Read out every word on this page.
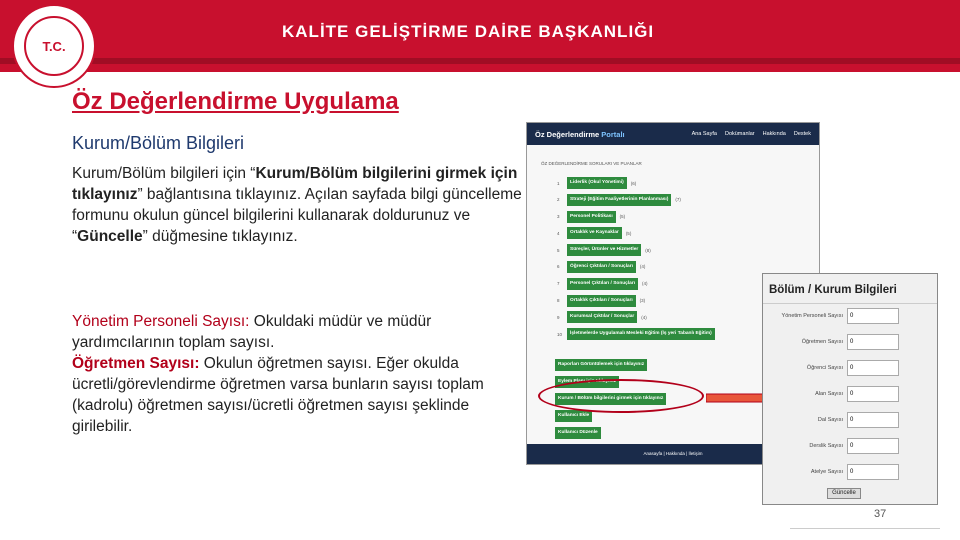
T.C.
KALİTE GELİŞTİRME DAİRE BAŞKANLIĞI
Öz Değerlendirme Uygulama
Kurum/Bölüm Bilgileri
Kurum/Bölüm bilgileri için “Kurum/Bölüm bilgilerini girmek için tıklayınız” bağlantısına tıklayınız. Açılan sayfada bilgi güncelleme formunu okulun güncel bilgilerini kullanarak doldurunuz ve “Güncelle” düğmesine tıklayınız.
Yönetim Personeli Sayısı: Okuldaki müdür ve müdür yardımcılarının toplam sayısı.
Öğretmen Sayısı: Okulun öğretmen sayısı. Eğer okulda ücretli/görevlendirme öğretmen varsa bunların sayısı toplam (kadrolu) öğretmen sayısı/ücretli öğretmen sayısı şeklinde girilebilir.
Öz Değerlendirme Portalı	Ana Sayfa Dokümanlar Hakkında Destek
ÖZ DEĞERLENDİRME SORULARI VE PUANLAR
1	Liderlik (Okul Yönetimi)	(6)
2	Strateji (Eğitim Faaliyetlerinin Planlanması)	(7)
3	Personel Politikası	(5)
4	Ortaklık ve Kaynaklar	(5)
5	Süreçler, Ürünler ve Hizmetler	(8)
6	Öğrenci Çıktıları / Sonuçları	(4)
7	Personel Çıktıları / Sonuçları	(4)
8	Ortaklık Çıktıları / Sonuçları	(3)
9	Kurumsal Çıktılar / Sonuçlar	(4)
10	İşletmelerde Uygulamalı Mesleki Eğitim (İş yeri Tabanlı Eğitim)
Raporları Görüntülemek için tıklayınız
Eylem Planı için tıklayınız
Kurum / Bölüm bilgilerini girmek için tıklayınız
Kullanıcı Ekle
Kullanıcı Düzenle
Anasayfa | Hakkında | İletişim
Bölüm / Kurum Bilgileri
Yönetim Personeli Sayısı	0
Öğretmen Sayısı	0
Öğrenci Sayısı	0
Alan Sayısı	0
Dal Sayısı	0
Derslik Sayısı	0
Atelye Sayısı	0
Güncelle
37
